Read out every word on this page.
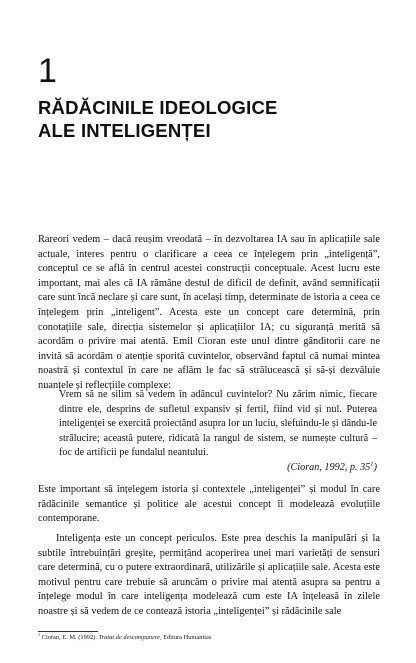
1
RĂDĂCINILE IDEOLOGICE
ALE INTELIGENȚEI

Rareori vedem – dacă reușim vreodată – în dezvoltarea IA sau în aplicațiile sale actuale, interes pentru o clarificare a ceea ce înțelegem prin „inteligență”, conceptul ce se află în centrul acestei construcții conceptuale. Acest lucru este important, mai ales că IA rămâne destul de dificil de definit, având semnificații care sunt încă neclare și care sunt, în același timp, determinate de istoria a ceea ce înțelegem prin „inteligent”. Acesta este un concept care determină, prin conotațiile sale, direcția sistemelor și aplicațiilor IA; cu siguranță merită să acordăm o privire mai atentă. Emil Cioran este unul dintre gânditorii care ne invită să acordăm o atenție sporită cuvintelor, observând faptul că numai mintea noastră și contextul în care ne aflăm le fac să strălucească și să-și dezvăluie nuanțele și reflecțiile complexe:

Vrem să ne silim să vedem în adâncul cuvintelor? Nu zărim nimic, fiecare dintre ele, desprins de sufletul expansiv și fertil, fiind vid și nul. Puterea inteligenței se exercită proiectând asupra lor un luciu, slefuindu-le și dându-le strălucire; această putere, ridicată la rangul de sistem, se numește cultură – foc de artificii pe fundalul neantului.
(Cioran, 1992, p. $35^1$)

Este important să înțelegem istoria și contextele „inteligenței” și modul în care rădăcinile semantice și politice ale acestui concept îi modelează evoluțiile contemporane.

Inteligența este un concept periculos. Este prea deschis la manipulări și la subtile întrebuințări greșite, permițând acoperirea unei mari varietăți de sensuri care determină, cu o putere extraordinară, utilizările și aplicațiile sale. Acesta este motivul pentru care trebuie să aruncăm o privire mai atentă asupra sa pentru a înțelege modul în care inteligența modelează cum este IA înțeleasă în zilele noastre și să vedem de ce contează istoria „inteligenței” și rădăcinile sale

$^1$ Cioran, E. M. (1992). Tratat de descompunere, Editura Humanitas
